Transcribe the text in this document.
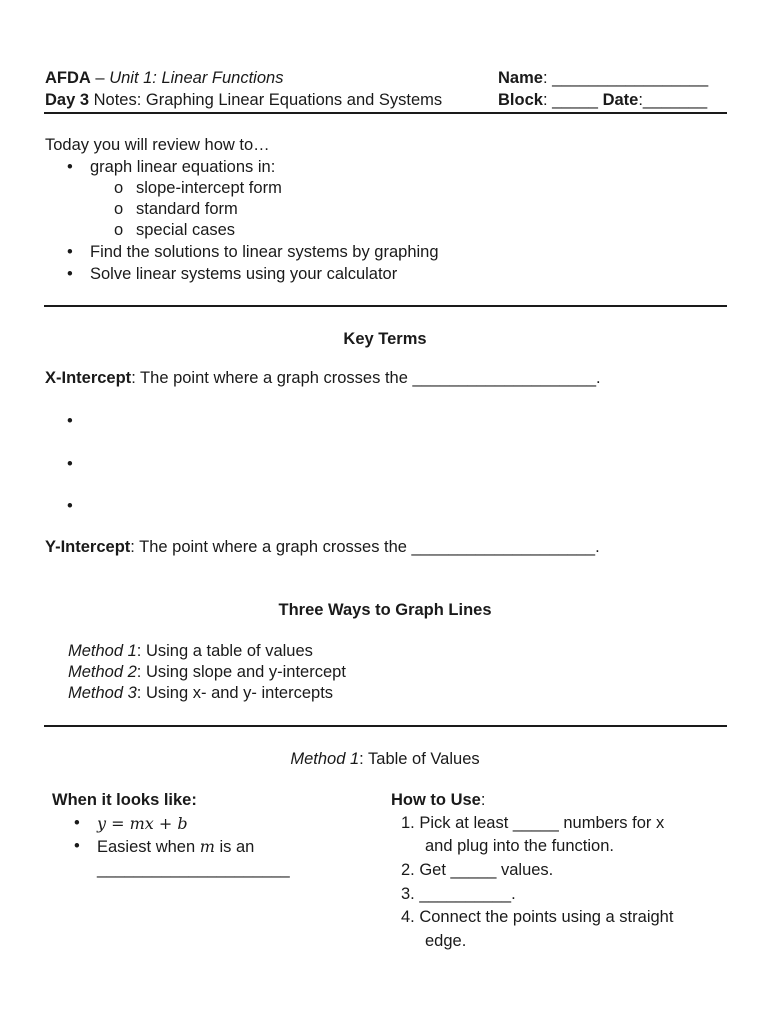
AFDA – Unit 1: Linear Functions
Day 3 Notes: Graphing Linear Equations and Systems
Name: _________________
Block: _____ Date:_______
Today you will review how to…
• graph linear equations in:
o slope-intercept form
o standard form
o special cases
• Find the solutions to linear systems by graphing
• Solve linear systems using your calculator
Key Terms
X-Intercept: The point where a graph crosses the ____________________.
•
•
•
Y-Intercept: The point where a graph crosses the ____________________.
Three Ways to Graph Lines
Method 1: Using a table of values
Method 2: Using slope and y-intercept
Method 3: Using x- and y- intercepts
Method 1: Table of Values
When it looks like:
• y = mx + b
• Easiest when m is an
_____________________
How to Use:
1. Pick at least _____ numbers for x
and plug into the function.
2. Get _____ values.
3. __________.
4. Connect the points using a straight
edge.
